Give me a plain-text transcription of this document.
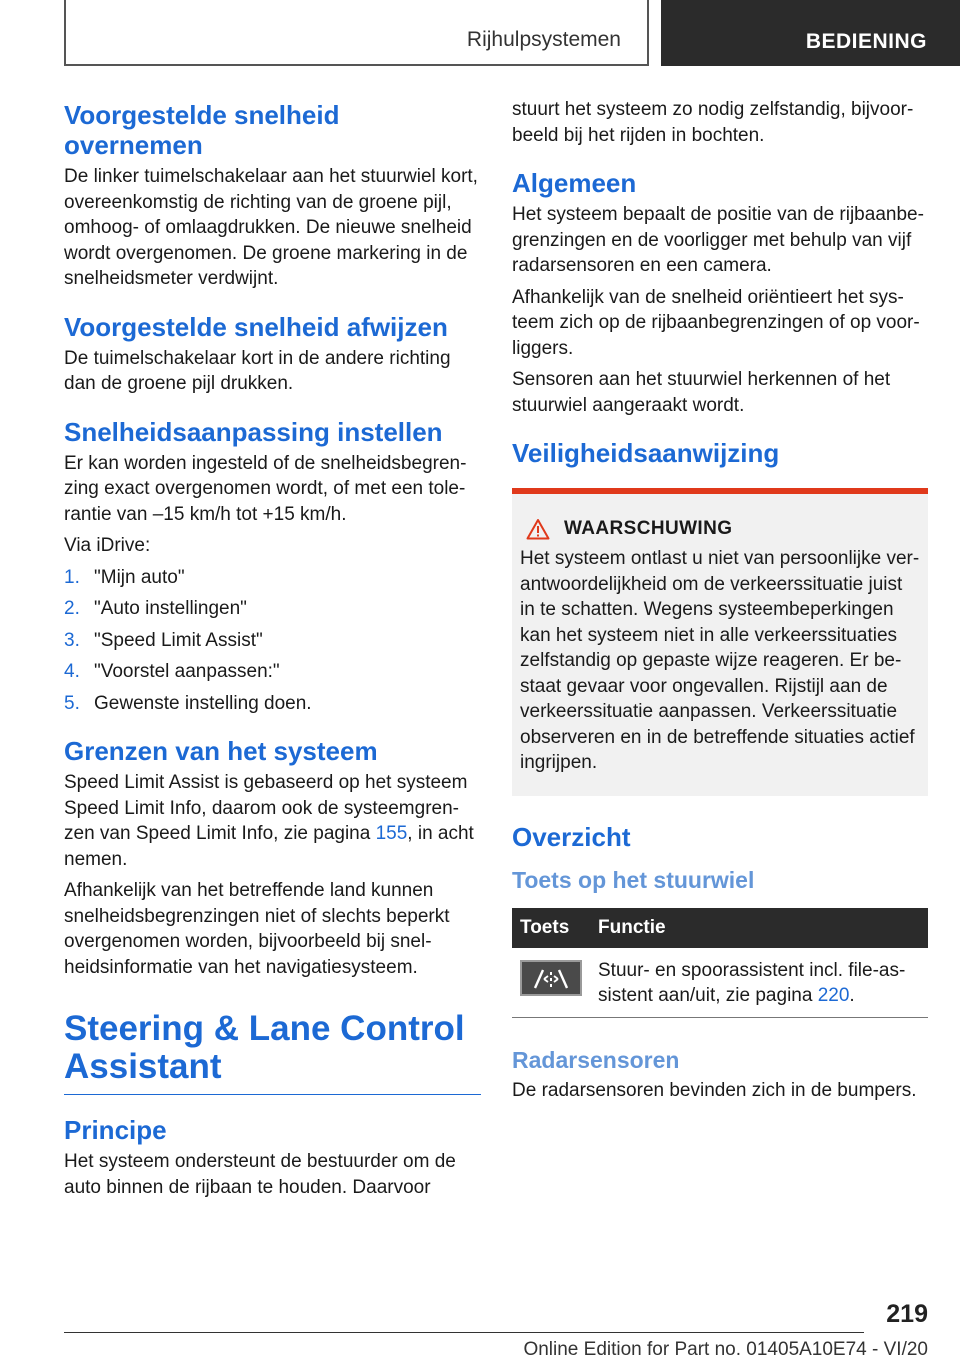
Rijhulpsystemen	BEDIENING
Voorgestelde snelheid overnemen

De linker tuimelschakelaar aan het stuurwiel kort, overeenkomstig de richting van de groene pijl, omhoog- of omlaagdrukken. De nieuwe snelheid wordt overgenomen. De groene markering in de snelheidsmeter verdwijnt.

Voorgestelde snelheid afwijzen

De tuimelschakelaar kort in de andere richting dan de groene pijl drukken.

Snelheidsaanpassing instellen

Er kan worden ingesteld of de snelheidsbegrenzing exact overgenomen wordt, of met een tolerantie van –15 km/h tot +15 km/h.

Via iDrive:

1. "Mijn auto"
2. "Auto instellingen"
3. "Speed Limit Assist"
4. "Voorstel aanpassen:"
5. Gewenste instelling doen.
Grenzen van het systeem

Speed Limit Assist is gebaseerd op het systeem Speed Limit Info, daarom ook de systeemgrenzen van Speed Limit Info, zie pagina 155, in acht nemen.

Afhankelijk van het betreffende land kunnen snelheidsbegrenzingen niet of slechts beperkt overgenomen worden, bijvoorbeeld bij snelheidsinformatie van het navigatiesysteem.

Steering & Lane Control Assistant
Principe

Het systeem ondersteunt de bestuurder om de auto binnen de rijbaan te houden. Daarvoor

stuurt het systeem zo nodig zelfstandig, bijvoorbeeld bij het rijden in bochten.

Algemeen

Het systeem bepaalt de positie van de rijbaanbegrenzingen en de voorligger met behulp van vijf radarsensoren en een camera.

Afhankelijk van de snelheid oriëntieert het systeem zich op de rijbaanbegrenzingen of op voorliggers.

Sensoren aan het stuurwiel herkennen of het stuurwiel aangeraakt wordt.

Veiligheidsaanwijzing
WAARSCHUWING

Het systeem ontlast u niet van persoonlijke verantwoordelijkheid om de verkeerssituatie juist in te schatten. Wegens systeembeperkingen kan het systeem niet in alle verkeerssituaties zelfstandig op gepaste wijze reageren. Er bestaat gevaar voor ongevallen. Rijstijl aan de verkeerssituatie aanpassen. Verkeerssituatie observeren en in de betreffende situaties actief ingrijpen.

Overzicht
Toets op het stuurwiel
Toets	Functie

	Stuur- en spoorassistent incl. file-assistent aan/uit, zie pagina 220.
Radarsensoren

De radarsensoren bevinden zich in de bumpers.

219
Online Edition for Part no. 01405A10E74 - VI/20
